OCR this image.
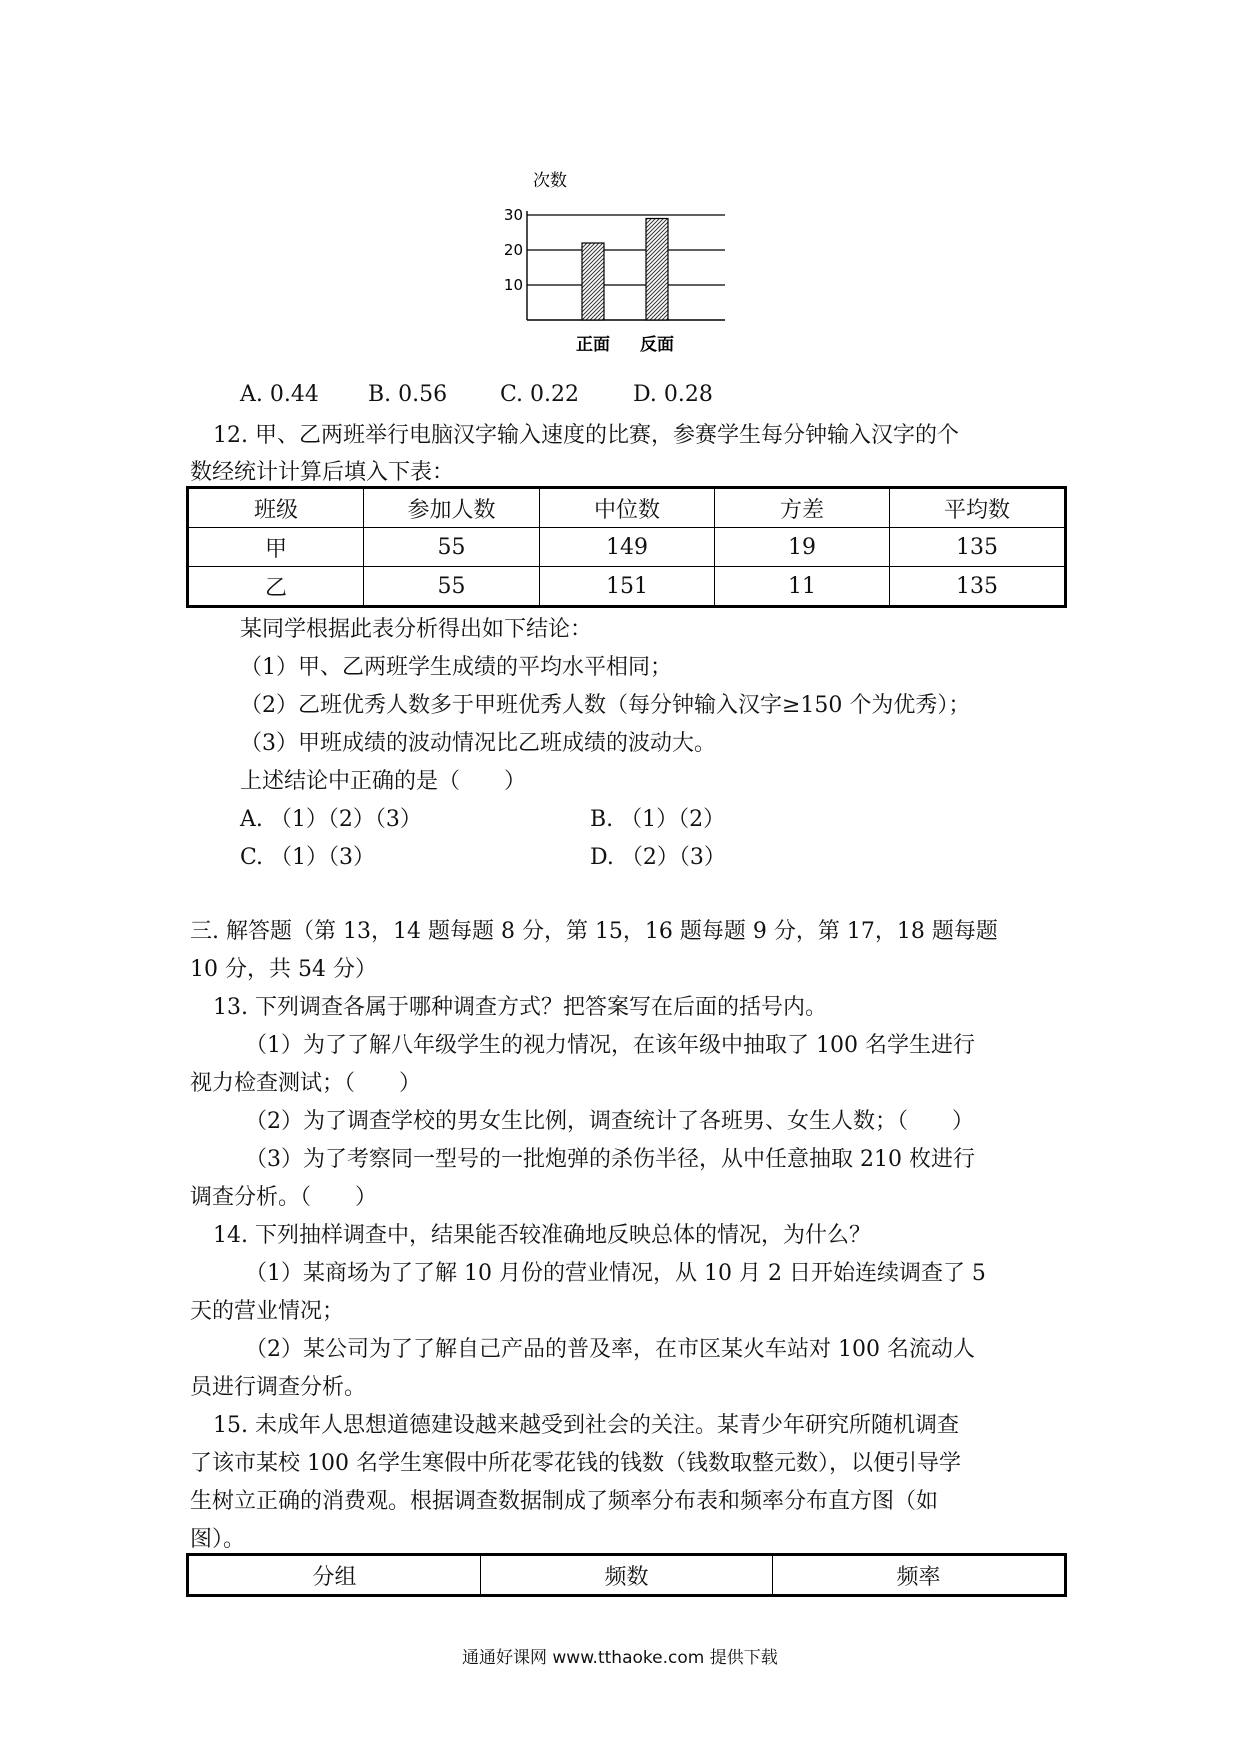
次数
10
20
30
正面 反面
A. 0.44 B. 0.56 C. 0.22 D. 0.28
12. 甲、乙两班举行电脑汉字输入速度的比赛，参赛学生每分钟输入汉字的个
数经统计计算后填入下表：
班级	参加人数	中位数	方差	平均数
甲	55	149	19	135
乙	55	151	11	135
某同学根据此表分析得出如下结论：
（1）甲、乙两班学生成绩的平均水平相同；
（2）乙班优秀人数多于甲班优秀人数（每分钟输入汉字≥150 个为优秀）；
（3）甲班成绩的波动情况比乙班成绩的波动大。
上述结论中正确的是（　　）
A. （1）（2）（3）	B. （1）（2）
C. （1）（3）	D. （2）（3）
三. 解答题（第 13，14 题每题 8 分，第 15，16 题每题 9 分，第 17，18 题每题
10 分，共 54 分）
13. 下列调查各属于哪种调查方式？把答案写在后面的括号内。
（1）为了了解八年级学生的视力情况，在该年级中抽取了 100 名学生进行
视力检查测试；（　　）
（2）为了调查学校的男女生比例，调查统计了各班男、女生人数；（　　）
（3）为了考察同一型号的一批炮弹的杀伤半径，从中任意抽取 210 枚进行
调查分析。（　　）
14. 下列抽样调查中，结果能否较准确地反映总体的情况，为什么？
（1）某商场为了了解 10 月份的营业情况，从 10 月 2 日开始连续调查了 5
天的营业情况；
（2）某公司为了了解自己产品的普及率，在市区某火车站对 100 名流动人
员进行调查分析。
15. 未成年人思想道德建设越来越受到社会的关注。某青少年研究所随机调查
了该市某校 100 名学生寒假中所花零花钱的钱数（钱数取整元数），以便引导学
生树立正确的消费观。根据调查数据制成了频率分布表和频率分布直方图（如
图）。
分组	频数	频率
通通好课网 www.tthaoke.com 提供下载
